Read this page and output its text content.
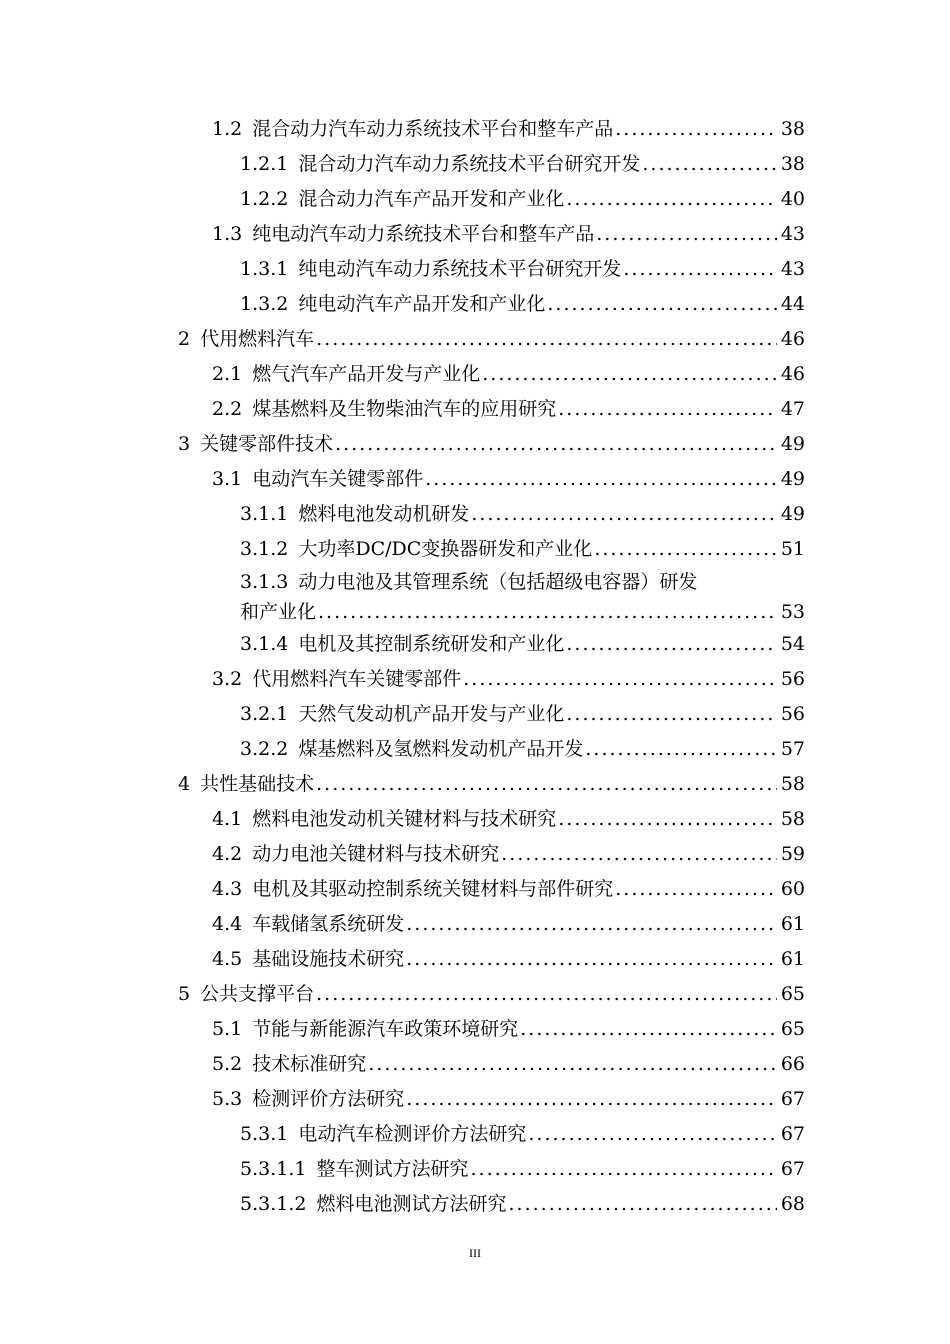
1.2 混合动力汽车动力系统技术平台和整车产品 .....	38
1.2.1 混合动力汽车动力系统技术平台研究开发 .....	38
1.2.2 混合动力汽车产品开发和产业化 .....	40
1.3 纯电动汽车动力系统技术平台和整车产品 .....	43
1.3.1 纯电动汽车动力系统技术平台研究开发 .....	43
1.3.2 纯电动汽车产品开发和产业化 .....	44
2 代用燃料汽车 .....	46
2.1 燃气汽车产品开发与产业化 .....	46
2.2 煤基燃料及生物柴油汽车的应用研究 .....	47
3 关键零部件技术 .....	49
3.1 电动汽车关键零部件 .....	49
3.1.1 燃料电池发动机研发 .....	49
3.1.2 大功率DC/DC变换器研发和产业化 .....	51
3.1.3 动力电池及其管理系统（包括超级电容器）研发
和产业化 .....	53
3.1.4 电机及其控制系统研发和产业化 .....	54
3.2 代用燃料汽车关键零部件 .....	56
3.2.1 天然气发动机产品开发与产业化 .....	56
3.2.2 煤基燃料及氢燃料发动机产品开发 .....	57
4 共性基础技术 .....	58
4.1 燃料电池发动机关键材料与技术研究 .....	58
4.2 动力电池关键材料与技术研究 .....	59
4.3 电机及其驱动控制系统关键材料与部件研究 .....	60
4.4 车载储氢系统研发 .....	61
4.5 基础设施技术研究 .....	61
5 公共支撑平台 .....	65
5.1 节能与新能源汽车政策环境研究 .....	65
5.2 技术标准研究 .....	66
5.3 检测评价方法研究 .....	67
5.3.1 电动汽车检测评价方法研究 .....	67
5.3.1.1 整车测试方法研究 .....	67
5.3.1.2 燃料电池测试方法研究 .....	68
III
